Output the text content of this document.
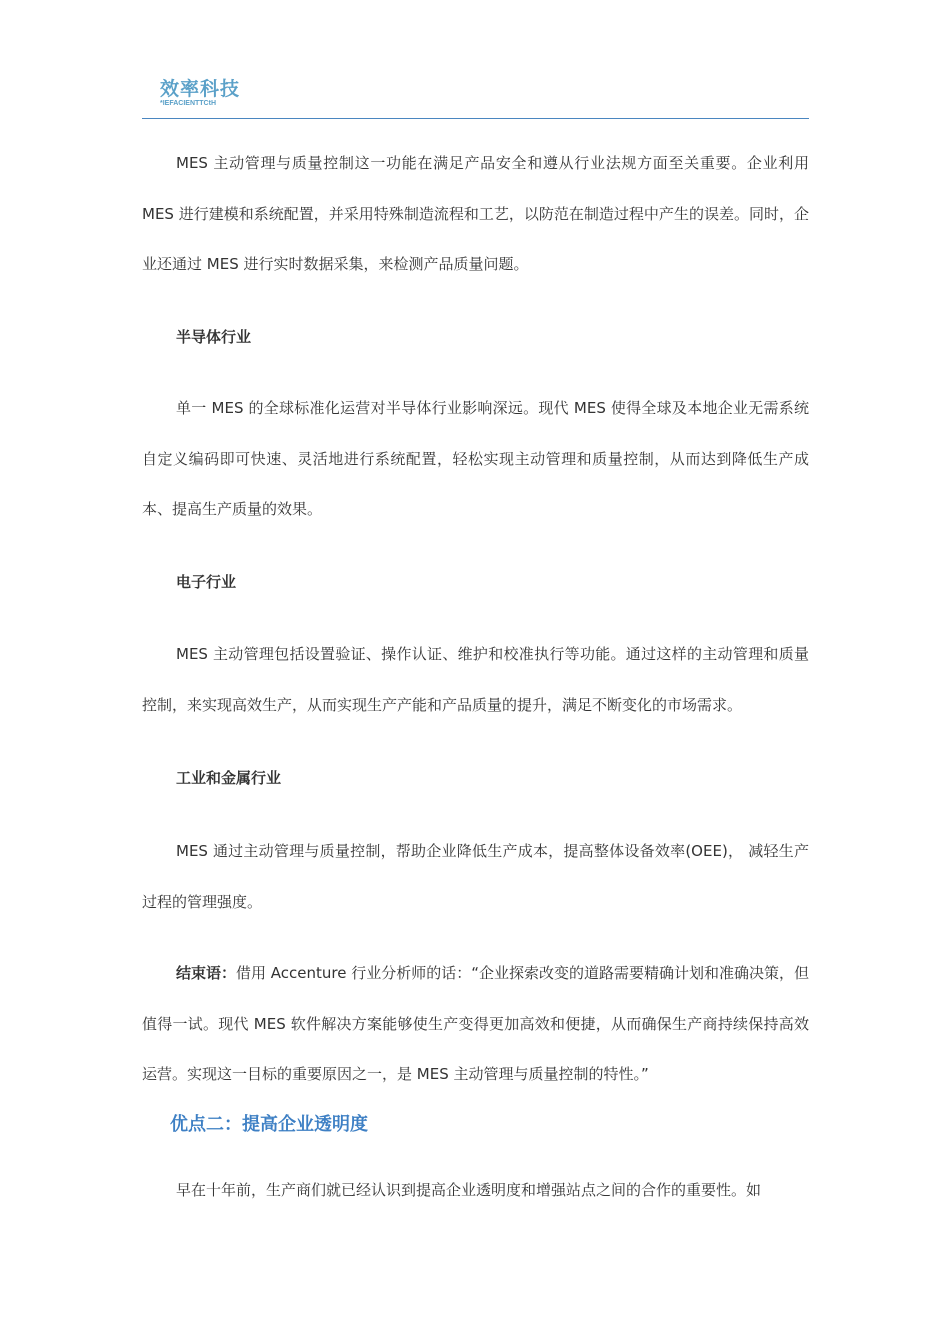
效率科技
*IEFACIENTTCtH

MES 主动管理与质量控制这一功能在满足产品安全和遵从行业法规方面至关重要。企业利用 MES 进行建模和系统配置，并采用特殊制造流程和工艺，以防范在制造过程中产生的误差。同时，企业还通过 MES 进行实时数据采集，来检测产品质量问题。

半导体行业

单一 MES 的全球标准化运营对半导体行业影响深远。现代 MES 使得全球及本地企业无需系统自定义编码即可快速、灵活地进行系统配置，轻松实现主动管理和质量控制，从而达到降低生产成本、提高生产质量的效果。

电子行业

MES 主动管理包括设置验证、操作认证、维护和校准执行等功能。通过这样的主动管理和质量控制，来实现高效生产，从而实现生产产能和产品质量的提升，满足不断变化的市场需求。

工业和金属行业

MES 通过主动管理与质量控制，帮助企业降低生产成本，提高整体设备效率(OEE)， 减轻生产过程的管理强度。

结束语：借用 Accenture 行业分析师的话：“企业探索改变的道路需要精确计划和准确决策，但值得一试。现代 MES 软件解决方案能够使生产变得更加高效和便捷，从而确保生产商持续保持高效运营。实现这一目标的重要原因之一，是 MES 主动管理与质量控制的特性。”

优点二：提高企业透明度

早在十年前，生产商们就已经认识到提高企业透明度和增强站点之间的合作的重要性。如
